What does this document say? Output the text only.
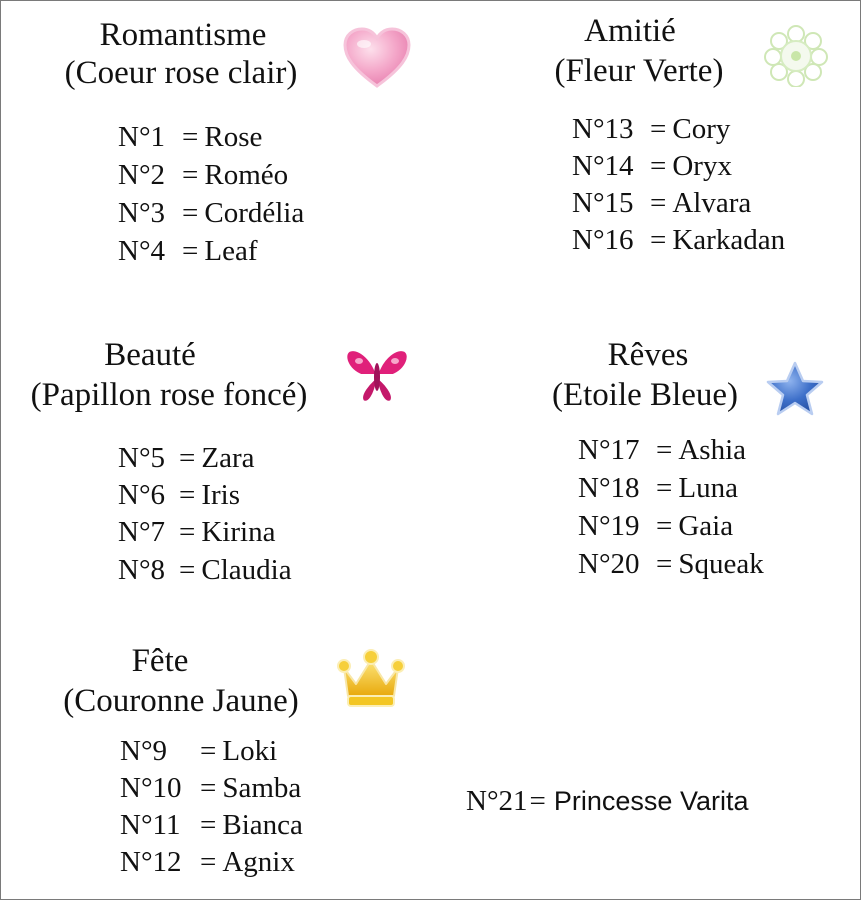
Romantisme
(Coeur rose clair)
N°1 = Rose
N°2 = Roméo
N°3 = Cordélia
N°4 = Leaf
Amitié
(Fleur Verte)
N°13 = Cory
N°14 = Oryx
N°15 = Alvara
N°16 = Karkadan
Beauté
(Papillon rose foncé)
N°5 = Zara
N°6 = Iris
N°7 = Kirina
N°8 = Claudia
Rêves
(Etoile Bleue)
N°17 = Ashia
N°18 = Luna
N°19 = Gaia
N°20 = Squeak
Fête
(Couronne Jaune)
N°9 = Loki
N°10 = Samba
N°11 = Bianca
N°12 = Agnix
N°21= Princesse Varita
